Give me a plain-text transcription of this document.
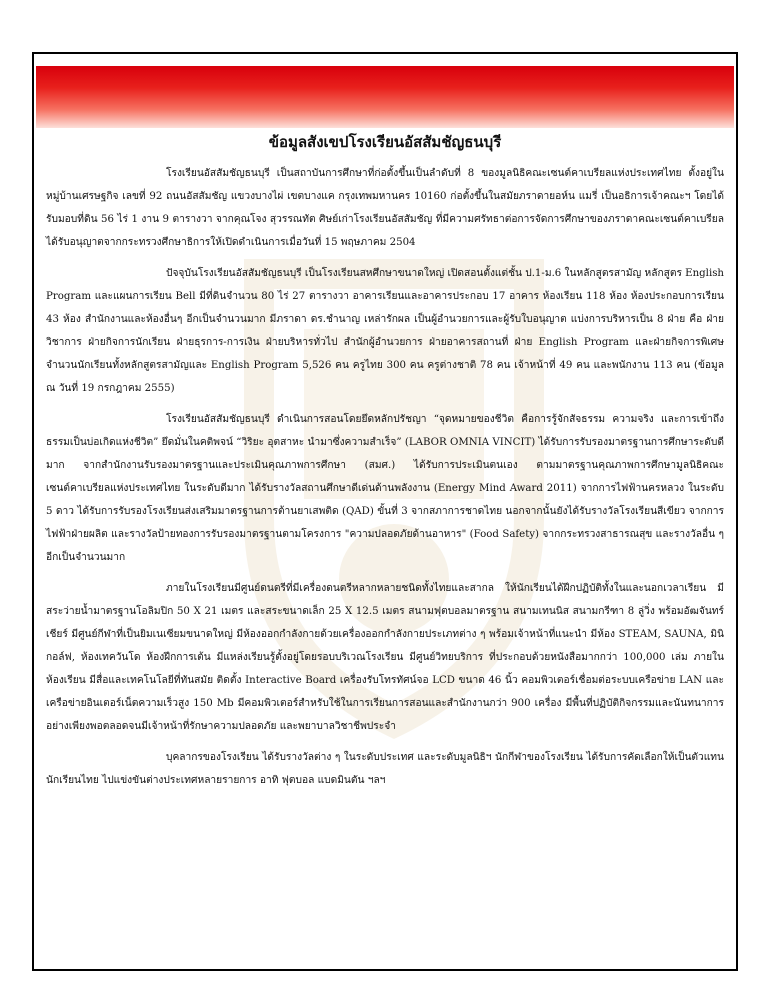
ข้อมูลสังเขปโรงเรียนอัสสัมชัญธนบุรี

โรงเรียนอัสสัมชัญธนบุรี เป็นสถาบันการศึกษาที่ก่อตั้งขึ้นเป็นลำดับที่ 8 ของมูลนิธิคณะเซนต์คาเบรียลแห่งประเทศไทย ตั้งอยู่ในหมู่บ้านเศรษฐกิจ เลขที่ 92 ถนนอัสสัมชัญ แขวงบางไผ่ เขตบางแค กรุงเทพมหานคร 10160 ก่อตั้งขึ้นในสมัยภราดายอห์น แมรี่ เป็นอธิการเจ้าคณะฯ โดยได้รับมอบที่ดิน 56 ไร่ 1 งาน 9 ตารางวา จากคุณโจง สุวรรณทัต ศิษย์เก่าโรงเรียนอัสสัมชัญ ที่มีความศรัทธาต่อการจัดการศึกษาของภราดาคณะเซนต์คาเบรียล ได้รับอนุญาตจากกระทรวงศึกษาธิการให้เปิดดำเนินการเมื่อวันที่ 15 พฤษภาคม 2504

ปัจจุบันโรงเรียนอัสสัมชัญธนบุรี เป็นโรงเรียนสหศึกษาขนาดใหญ่ เปิดสอนตั้งแต่ชั้น ป.1-ม.6 ในหลักสูตรสามัญ หลักสูตร English Program และแผนการเรียน Bell มีที่ดินจำนวน 80 ไร่ 27 ตารางวา อาคารเรียนและอาคารประกอบ 17 อาคาร ห้องเรียน 118 ห้อง ห้องประกอบการเรียน 43 ห้อง สำนักงานและห้องอื่นๆ อีกเป็นจำนวนมาก มีภราดา ดร.ชำนาญ เหล่ารักผล เป็นผู้อำนวยการและผู้รับใบอนุญาต แบ่งการบริหารเป็น 8 ฝ่าย คือ ฝ่ายวิชาการ ฝ่ายกิจการนักเรียน ฝ่ายธุรการ-การเงิน ฝ่ายบริหารทั่วไป สำนักผู้อำนวยการ ฝ่ายอาคารสถานที่ ฝ่าย English Program และฝ่ายกิจการพิเศษ จำนวนนักเรียนทั้งหลักสูตรสามัญและ English Program 5,526 คน ครูไทย 300 คน ครูต่างชาติ 78 คน เจ้าหน้าที่ 49 คน และพนักงาน 113 คน (ข้อมูล ณ วันที่ 19 กรกฎาคม 2555)

โรงเรียนอัสสัมชัญธนบุรี ดำเนินการสอนโดยยึดหลักปรัชญา “จุดหมายของชีวิต คือการรู้จักสัจธรรม ความจริง และการเข้าถึงธรรมเป็นบ่อเกิดแห่งชีวิต” ยึดมั่นในคติพจน์ “วิริยะ อุตสาหะ นำมาซึ่งความสำเร็จ” (LABOR OMNIA VINCIT) ได้รับการรับรองมาตรฐานการศึกษาระดับดีมาก จากสำนักงานรับรองมาตรฐานและประเมินคุณภาพการศึกษา (สมศ.) ได้รับการประเมินตนเอง ตามมาตรฐานคุณภาพการศึกษามูลนิธิคณะเซนต์คาเบรียลแห่งประเทศไทย ในระดับดีมาก ได้รับรางวัลสถานศึกษาดีเด่นด้านพลังงาน (Energy Mind Award 2011) จากการไฟฟ้านครหลวง ในระดับ 5 ดาว ได้รับการรับรองโรงเรียนส่งเสริมมาตรฐานการต้านยาเสพติด (QAD) ขั้นที่ 3 จากสภาการชาดไทย นอกจากนั้นยังได้รับรางวัลโรงเรียนสีเขียว จากการไฟฟ้าฝ่ายผลิต และรางวัลป้ายทองการรับรองมาตรฐานตามโครงการ "ความปลอดภัยด้านอาหาร" (Food Safety) จากกระทรวงสาธารณสุข และรางวัลอื่น ๆ อีกเป็นจำนวนมาก

ภายในโรงเรียนมีศูนย์ดนตรีที่มีเครื่องดนตรีหลากหลายชนิดทั้งไทยและสากล ให้นักเรียนได้ฝึกปฏิบัติทั้งในและนอกเวลาเรียน มีสระว่ายน้ำมาตรฐานโอลิมปิก 50 X 21 เมตร และสระขนาดเล็ก 25 X 12.5 เมตร สนามฟุตบอลมาตรฐาน สนามเทนนิส สนามกรีฑา 8 ลู่วิ่ง พร้อมอัฒจันทร์เชียร์ มีศูนย์กีฬาที่เป็นยิมเนเซียมขนาดใหญ่ มีห้องออกกำลังกายด้วยเครื่องออกกำลังกายประเภทต่าง ๆ พร้อมเจ้าหน้าที่แนะนำ มีห้อง STEAM, SAUNA, มินิกอล์ฟ, ห้องเทควันโด ห้องฝึกการเต้น มีแหล่งเรียนรู้ตั้งอยู่โดยรอบบริเวณโรงเรียน มีศูนย์วิทยบริการ ที่ประกอบด้วยหนังสือมากกว่า 100,000 เล่ม ภายในห้องเรียน มีสื่อและเทคโนโลยีที่ทันสมัย ติดตั้ง Interactive Board เครื่องรับโทรทัศน์จอ LCD ขนาด 46 นิ้ว คอมพิวเตอร์เชื่อมต่อระบบเครือข่าย LAN และเครือข่ายอินเตอร์เน็ตความเร็วสูง 150 Mb มีคอมพิวเตอร์สำหรับใช้ในการเรียนการสอนและสำนักงานกว่า 900 เครื่อง มีพื้นที่ปฏิบัติกิจกรรมและนันทนาการอย่างเพียงพอตลอดจนมีเจ้าหน้าที่รักษาความปลอดภัย และพยาบาลวิชาชีพประจำ

บุคลากรของโรงเรียน ได้รับรางวัลต่าง ๆ ในระดับประเทศ และระดับมูลนิธิฯ นักกีฬาของโรงเรียน ได้รับการคัดเลือกให้เป็นตัวแทนนักเรียนไทย ไปแข่งขันต่างประเทศหลายรายการ อาทิ ฟุตบอล แบดมินตัน ฯลฯ
